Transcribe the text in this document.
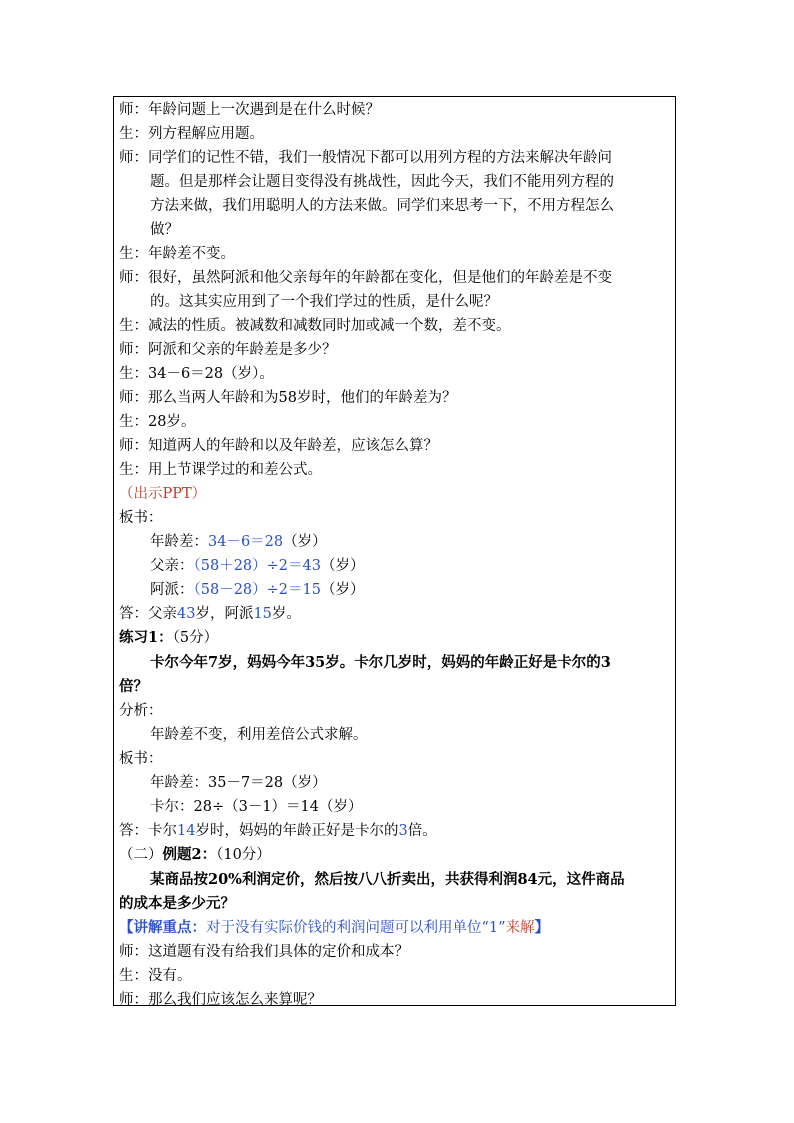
师：年龄问题上一次遇到是在什么时候？
生：列方程解应用题。
师：同学们的记性不错，我们一般情况下都可以用列方程的方法来解决年龄问
题。但是那样会让题目变得没有挑战性，因此今天，我们不能用列方程的
方法来做，我们用聪明人的方法来做。同学们来思考一下，不用方程怎么
做？
生：年龄差不变。
师：很好，虽然阿派和他父亲每年的年龄都在变化，但是他们的年龄差是不变
的。这其实应用到了一个我们学过的性质，是什么呢？
生：减法的性质。被减数和减数同时加或减一个数，差不变。
师：阿派和父亲的年龄差是多少？
生：34－6＝28（岁）。
师：那么当两人年龄和为58岁时，他们的年龄差为？
生：28岁。
师：知道两人的年龄和以及年龄差，应该怎么算？
生：用上节课学过的和差公式。
（出示PPT）
板书：
年龄差：34－6＝28（岁）
父亲：（58＋28）÷2＝43（岁）
阿派：（58－28）÷2＝15（岁）
答：父亲43岁，阿派15岁。
练习1：（5分）
卡尔今年7岁，妈妈今年35岁。卡尔几岁时，妈妈的年龄正好是卡尔的3
倍？
分析：
年龄差不变，利用差倍公式求解。
板书：
年龄差：35－7＝28（岁）
卡尔：28÷（3－1）＝14（岁）
答：卡尔14岁时，妈妈的年龄正好是卡尔的3倍。
（二）例题2：（10分）
某商品按20%利润定价，然后按八八折卖出，共获得利润84元，这件商品
的成本是多少元？
【讲解重点：对于没有实际价钱的利润问题可以利用单位“1”来解】
师：这道题有没有给我们具体的定价和成本？
生：没有。
师：那么我们应该怎么来算呢？
